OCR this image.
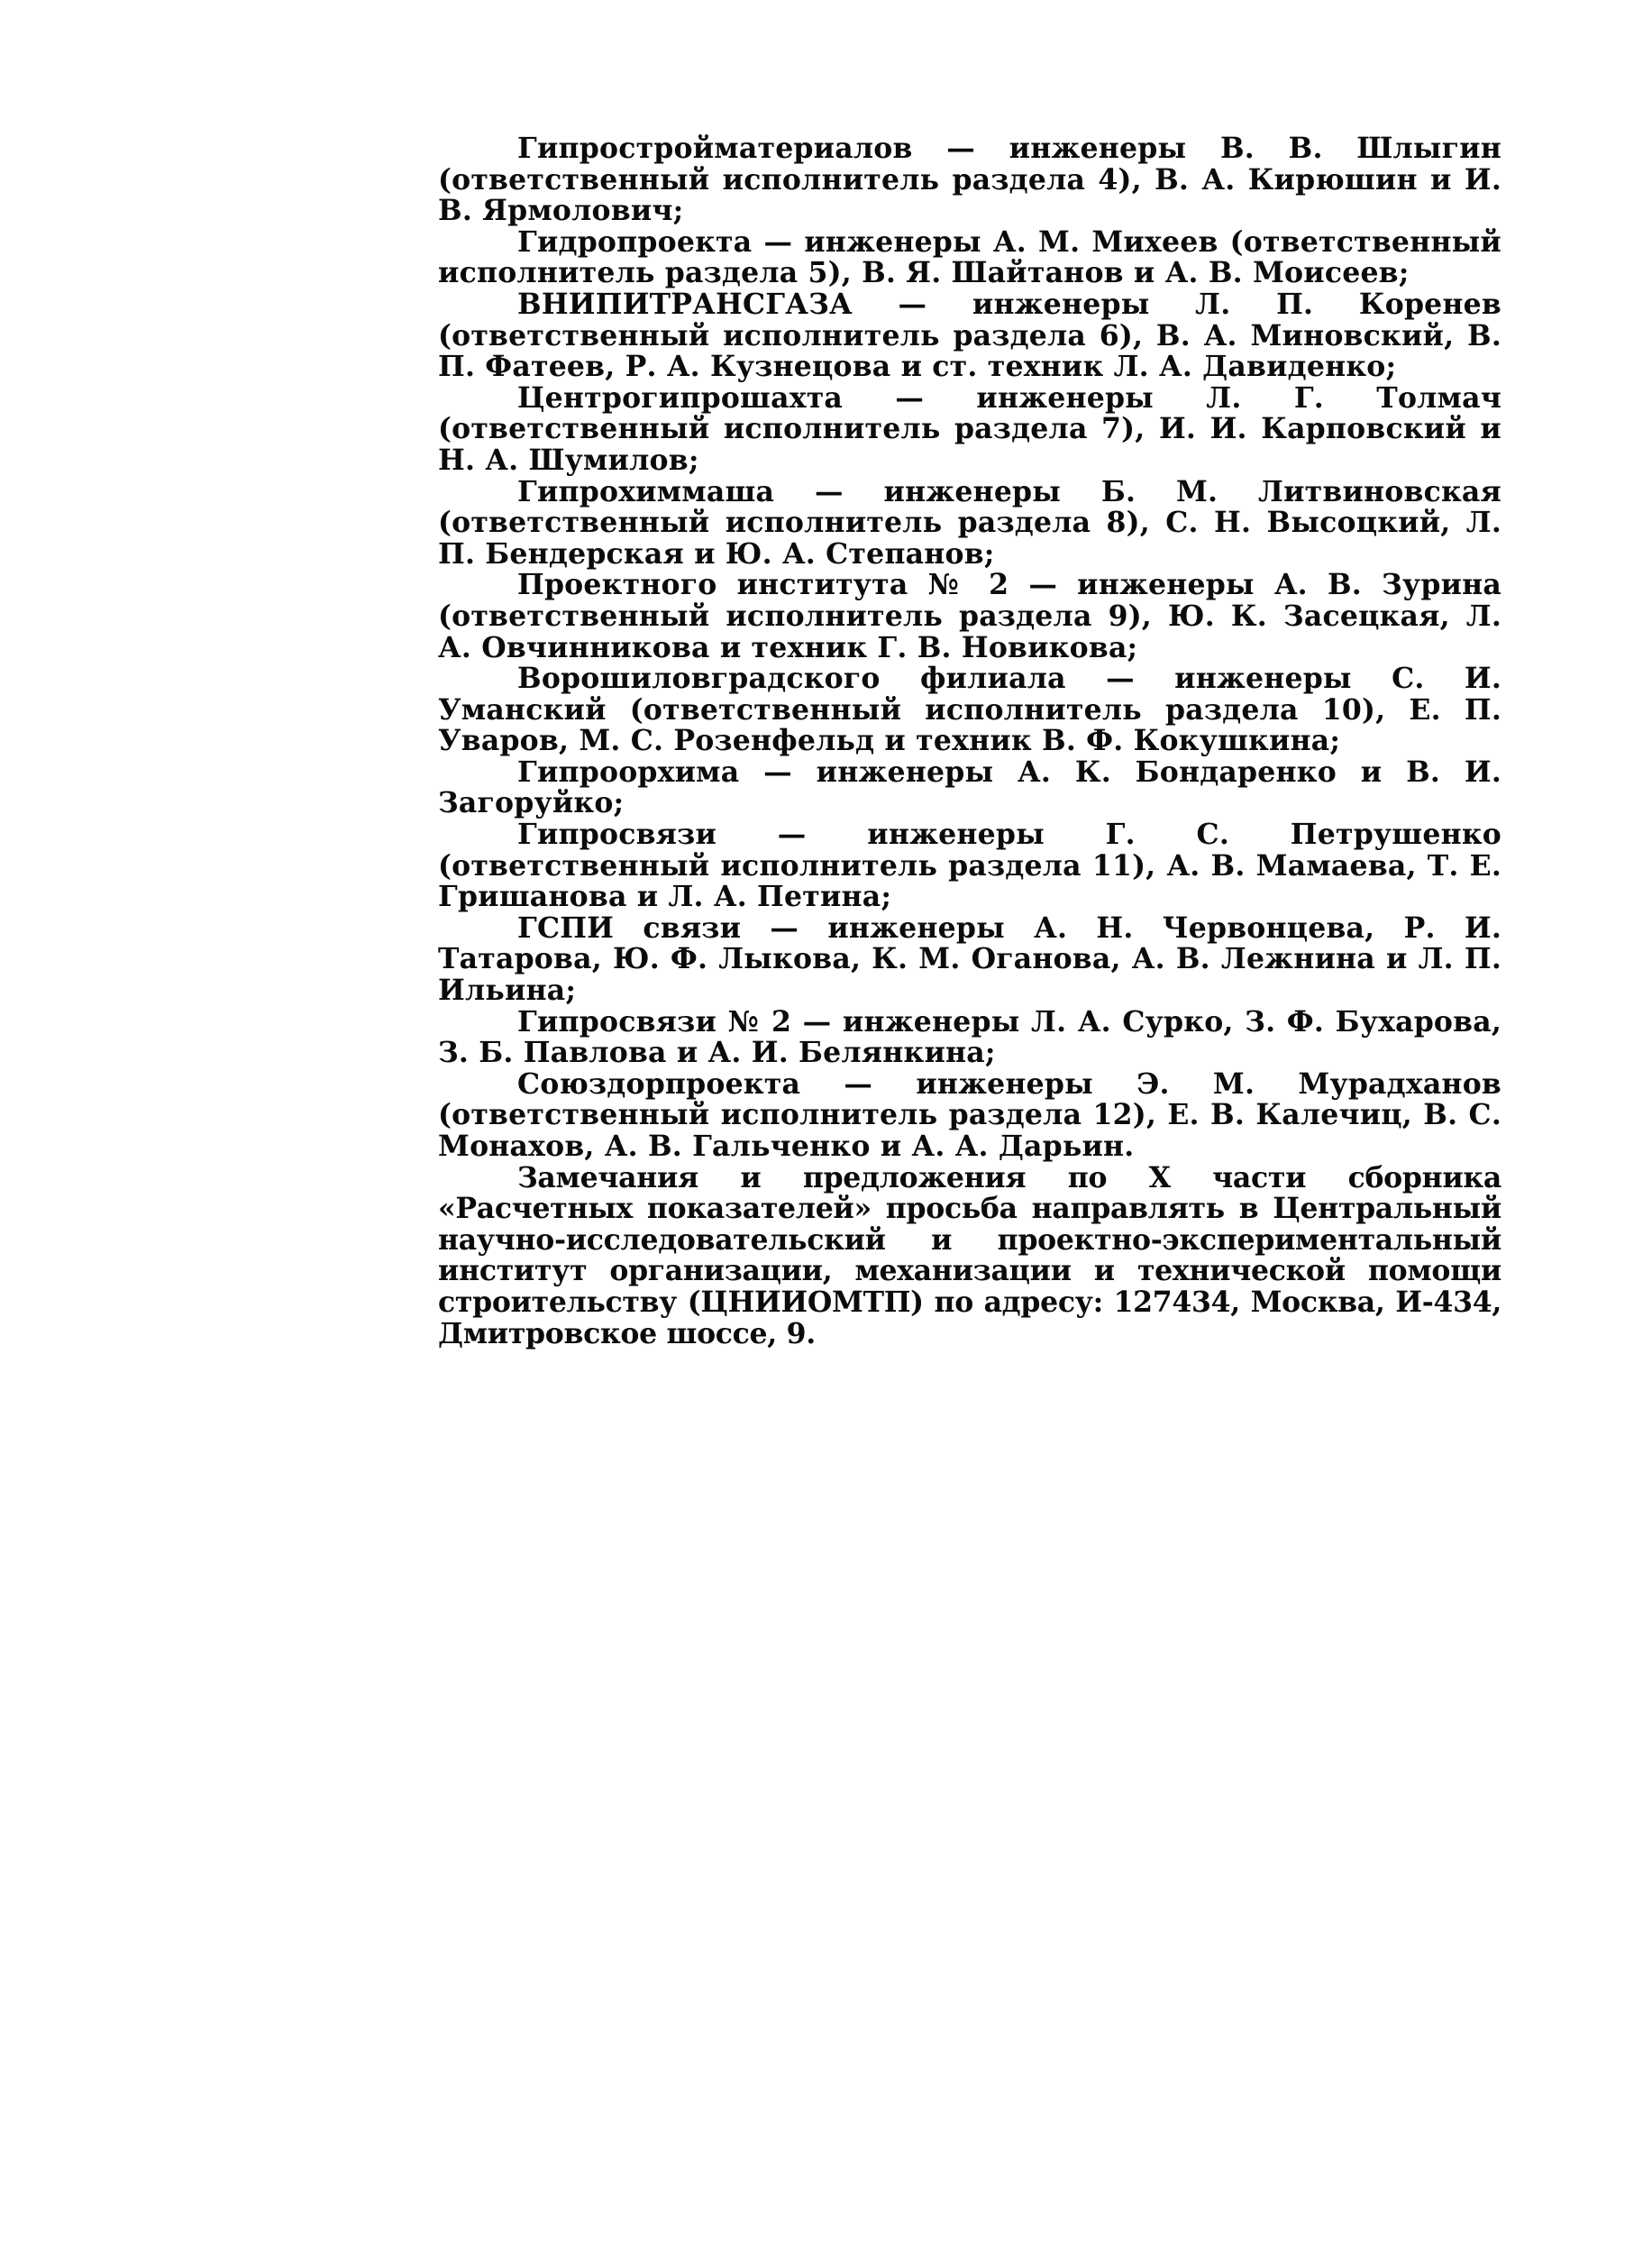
Гипростройматериалов — инженеры В. В. Шлыгин (ответственный исполнитель раздела 4), В. А. Кирюшин и И. В. Ярмолович;

Гидропроекта — инженеры А. М. Михеев (ответственный исполнитель раздела 5), В. Я. Шайтанов и А. В. Моисеев;

ВНИПИТРАНСГАЗА — инженеры Л. П. Коренев (ответственный исполнитель раздела 6), В. А. Миновский, В. П. Фатеев, Р. А. Кузнецова и ст. техник Л. А. Давиденко;

Центрогипрошахта — инженеры Л. Г. Толмач (ответственный исполнитель раздела 7), И. И. Карповский и Н. А. Шумилов;

Гипрохиммаша — инженеры Б. М. Литвиновская (ответственный исполнитель раздела 8), С. Н. Высоцкий, Л. П. Бендерская и Ю. А. Степанов;

Проектного института № 2 — инженеры А. В. Зурина (ответственный исполнитель раздела 9), Ю. К. Засецкая, Л. А. Овчинникова и техник Г. В. Новикова;

Ворошиловградского филиала — инженеры С. И. Уманский (ответственный исполнитель раздела 10), Е. П. Уваров, М. С. Розенфельд и техник В. Ф. Кокушкина;

Гипроорхима — инженеры А. К. Бондаренко и В. И. Загоруйко;

Гипросвязи — инженеры Г. С. Петрушенко (ответственный исполнитель раздела 11), А. В. Мамаева, Т. Е. Гришанова и Л. А. Петина;

ГСПИ связи — инженеры А. Н. Червонцева, Р. И. Татарова, Ю. Ф. Лыкова, К. М. Оганова, А. В. Лежнина и Л. П. Ильина;

Гипросвязи № 2 — инженеры Л. А. Сурко, З. Ф. Бухарова, З. Б. Павлова и А. И. Белянкина;

Союздорпроекта — инженеры Э. М. Мурадханов (ответственный исполнитель раздела 12), Е. В. Калечиц, В. С. Монахов, А. В. Гальченко и А. А. Дарьин.

Замечания и предложения по X части сборника «Расчетных показателей» просьба направлять в Центральный научно-исследовательский и проектно-экспериментальный институт организации, механизации и технической помощи строительству (ЦНИИОМТП) по адресу: 127434, Москва, И-434, Дмитровское шоссе, 9.
